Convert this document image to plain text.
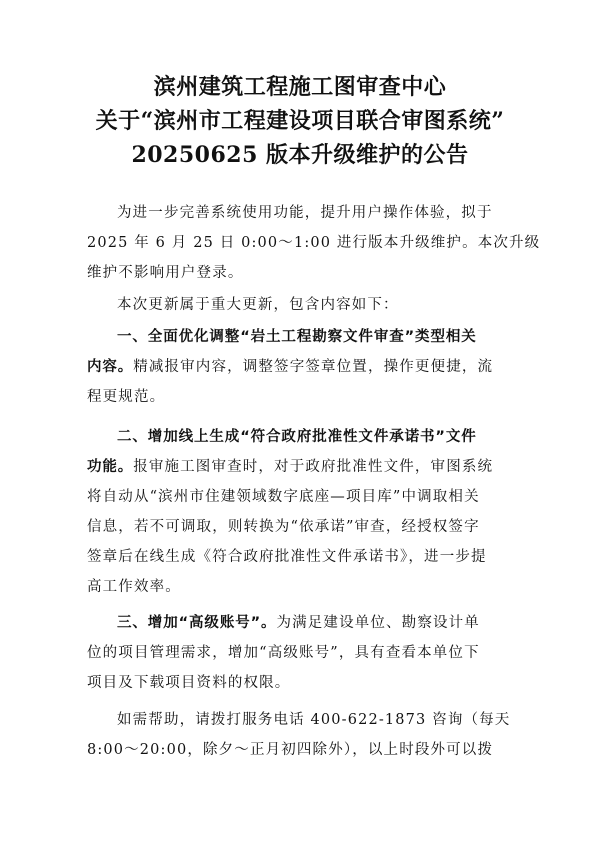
滨州建筑工程施工图审查中心
关于“滨州市工程建设项目联合审图系统”
20250625 版本升级维护的公告
为进一步完善系统使用功能，提升用户操作体验，拟于
2025 年 6 月 25 日 0:00～1:00 进行版本升级维护。本次升级
维护不影响用户登录。
本次更新属于重大更新，包含内容如下：
一、全面优化调整“岩土工程勘察文件审查”类型相关
内容。精减报审内容，调整签字签章位置，操作更便捷，流
程更规范。
二、增加线上生成“符合政府批准性文件承诺书”文件
功能。报审施工图审查时，对于政府批准性文件，审图系统
将自动从“滨州市住建领域数字底座—项目库”中调取相关
信息，若不可调取，则转换为“依承诺”审查，经授权签字
签章后在线生成《符合政府批准性文件承诺书》，进一步提
高工作效率。
三、增加“高级账号”。为满足建设单位、勘察设计单
位的项目管理需求，增加“高级账号”，具有查看本单位下
项目及下载项目资料的权限。
如需帮助，请拨打服务电话 400-622-1873 咨询（每天
8:00～20:00，除夕～正月初四除外），以上时段外可以拨
